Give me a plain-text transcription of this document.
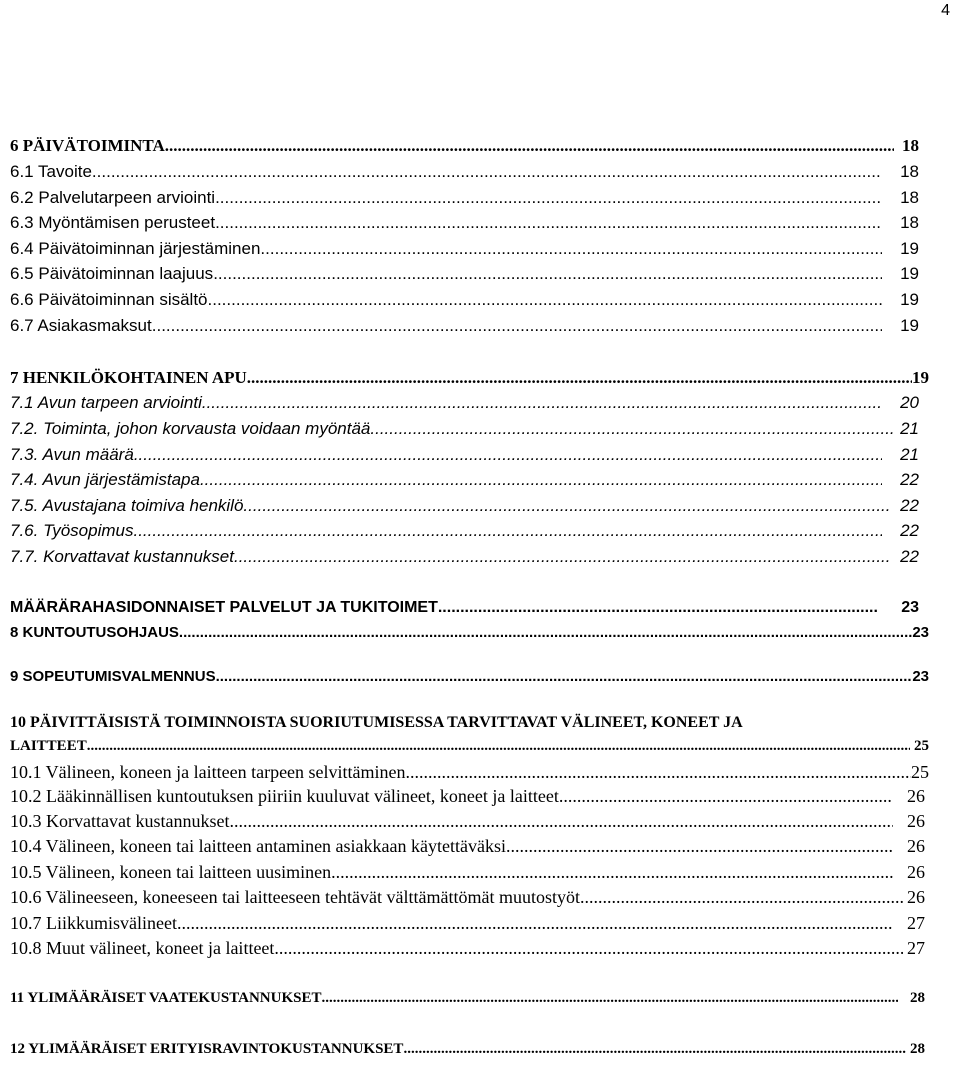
4
6 PÄIVÄTOIMINTA .....	18
6.1 Tavoite .....	18
6.2 Palvelutarpeen arviointi .....	18
6.3 Myöntämisen perusteet .....	18
6.4 Päivätoiminnan järjestäminen .....	19
6.5 Päivätoiminnan laajuus .....	19
6.6 Päivätoiminnan sisältö .....	19
6.7 Asiakasmaksut .....	19
7 HENKILÖKOHTAINEN APU .....	19
7.1 Avun tarpeen arviointi .....	20
7.2. Toiminta, johon korvausta voidaan myöntää .....	21
7.3. Avun määrä .....	21
7.4. Avun järjestämistapa .....	22
7.5. Avustajana toimiva henkilö .....	22
7.6. Työsopimus .....	22
7.7. Korvattavat kustannukset .....	22
MÄÄRÄRAHASIDONNAISET PALVELUT JA TUKITOIMET .....	23
8 KUNTOUTUSOHJAUS .....	23
9 SOPEUTUMISVALMENNUS .....	23
10 PÄIVITTÄISISTÄ TOIMINNOISTA SUORIUTUMISESSA TARVITTAVAT VÄLINEET, KONEET JA
LAITTEET .....	25
10.1 Välineen, koneen ja laitteen tarpeen selvittäminen .....	25
10.2 Lääkinnällisen kuntoutuksen piiriin kuuluvat välineet, koneet ja laitteet .....	26
10.3 Korvattavat kustannukset .....	26
10.4 Välineen, koneen tai laitteen antaminen asiakkaan käytettäväksi .....	26
10.5 Välineen, koneen tai laitteen uusiminen .....	26
10.6 Välineeseen, koneeseen tai laitteeseen tehtävät välttämättömät muutostyöt .....	26
10.7 Liikkumisvälineet .....	27
10.8 Muut välineet, koneet ja laitteet .....	27
11 YLIMÄÄRÄISET VAATEKUSTANNUKSET .....	28
12 YLIMÄÄRÄISET ERITYISRAVINTOKUSTANNUKSET .....	28
